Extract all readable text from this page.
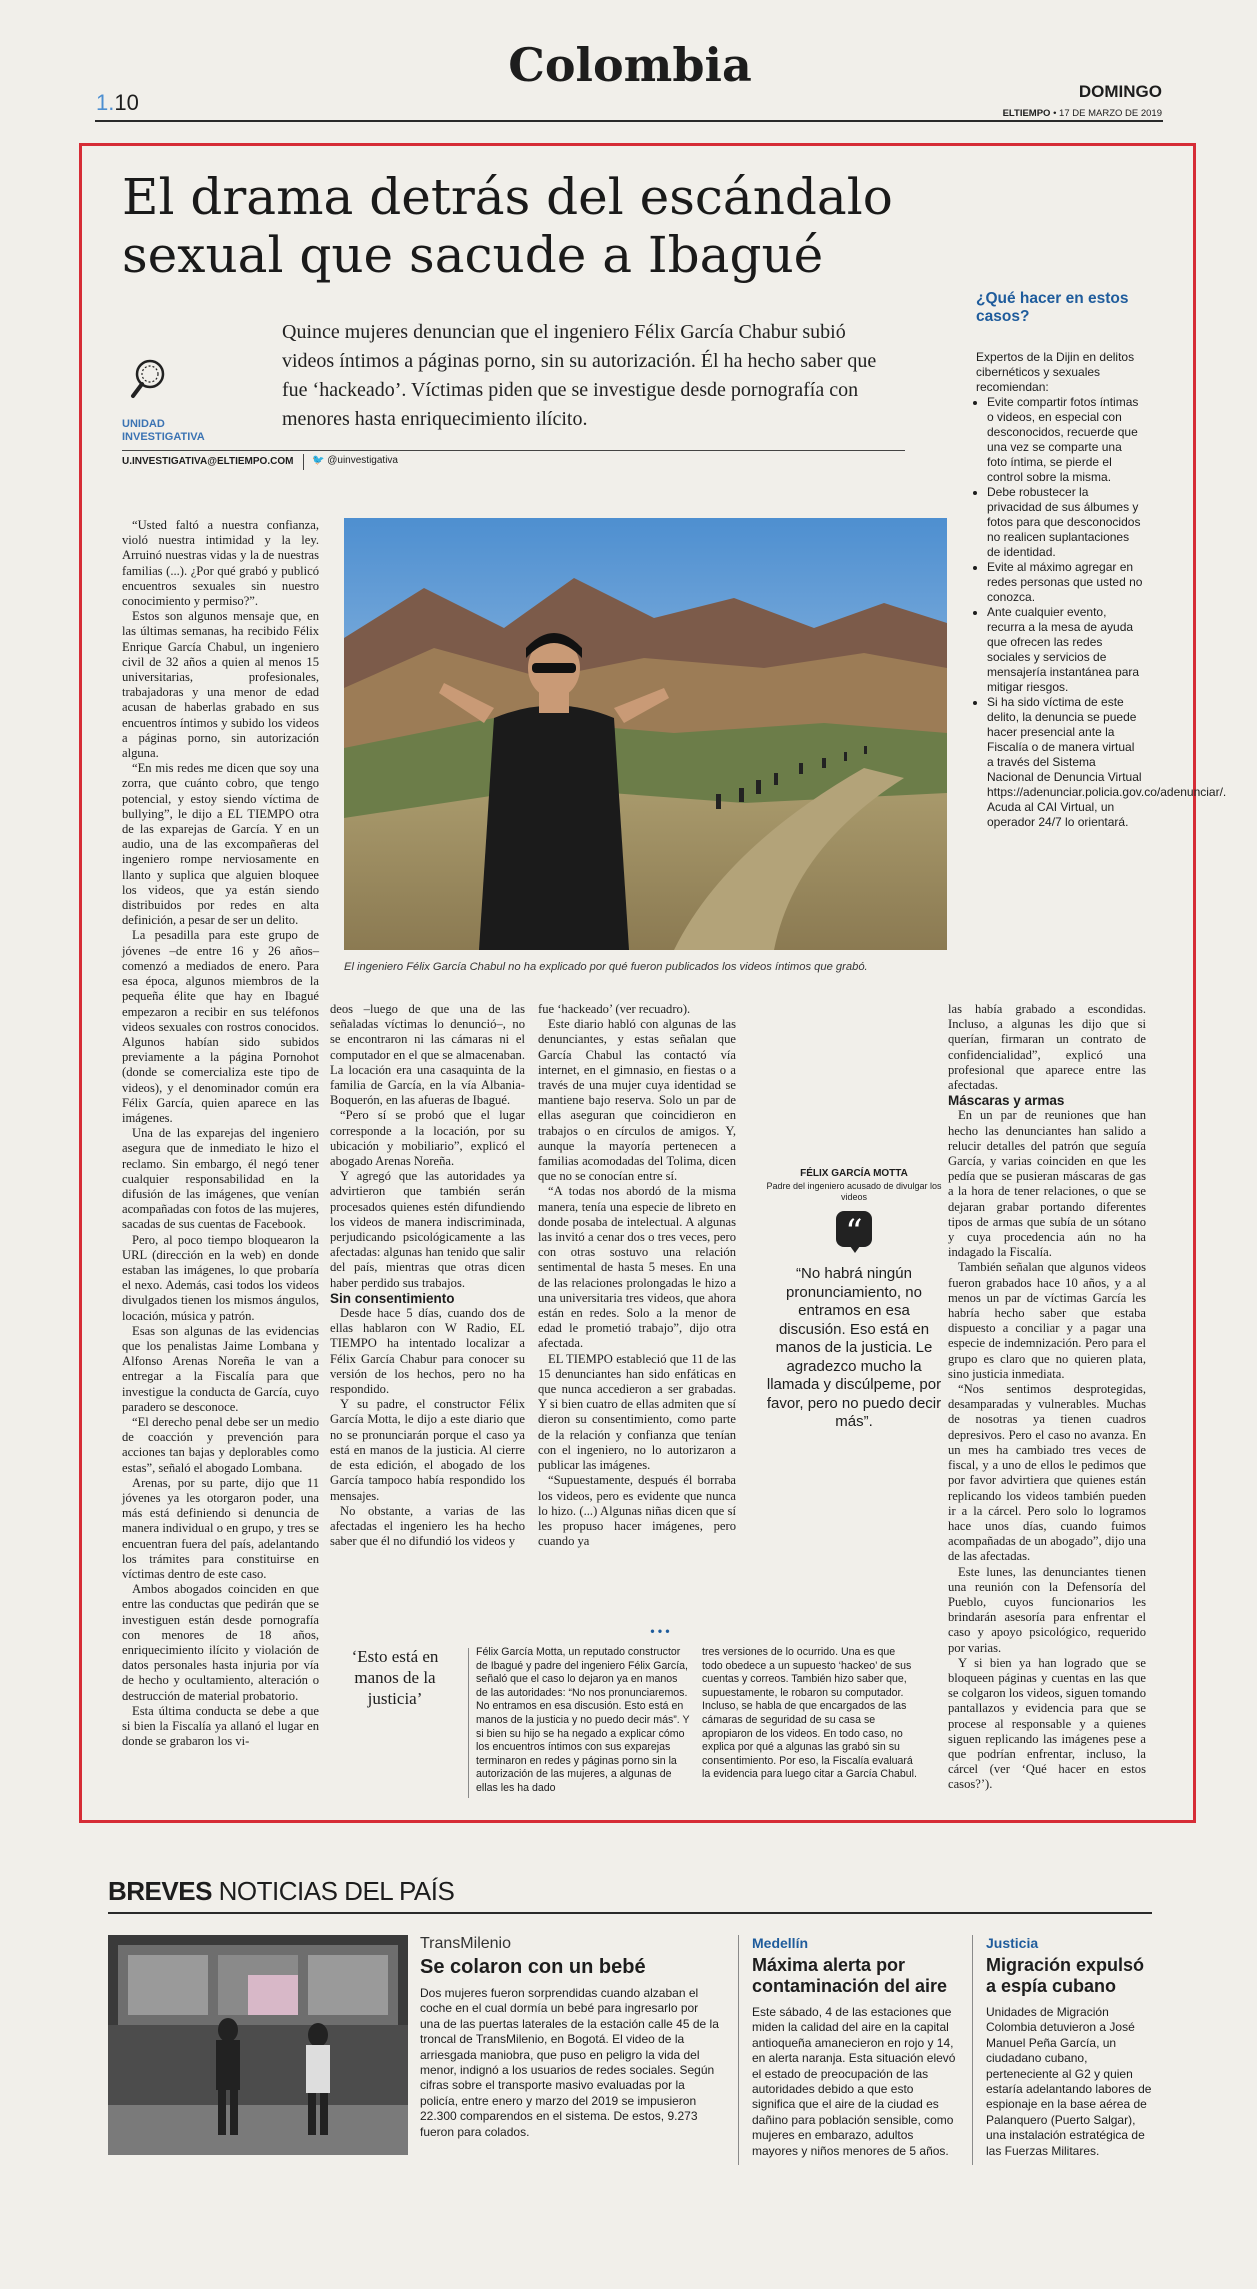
Colombia
1.10	DOMINGO
ELTIEMPO • 17 DE MARZO DE 2019
El drama detrás del escándalo
sexual que sacude a Ibagué
UNIDAD INVESTIGATIVA
Quince mujeres denuncian que el ingeniero Félix García Chabur subió videos íntimos a páginas porno, sin su autorización. Él ha hecho saber que fue ‘hackeado’. Víctimas piden que se investigue desde pornografía con menores hasta enriquecimiento ilícito.
U.INVESTIGATIVA@ELTIEMPO.COM 🐦 @uinvestigativa
¿Qué hacer en estos casos?
Expertos de la Dijin en delitos cibernéticos y sexuales recomiendan:
• Evite compartir fotos íntimas o videos, en especial con desconocidos, recuerde que una vez se comparte una foto íntima, se pierde el control sobre la misma.
• Debe robustecer la privacidad de sus álbumes y fotos para que desconocidos no realicen suplantaciones de identidad.
• Evite al máximo agregar en redes personas que usted no conozca.
• Ante cualquier evento, recurra a la mesa de ayuda que ofrecen las redes sociales y servicios de mensajería instantánea para mitigar riesgos.
• Si ha sido víctima de este delito, la denuncia se puede hacer presencial ante la Fiscalía o de manera virtual a través del Sistema Nacional de Denuncia Virtual https://adenunciar.policia.gov.co/adenunciar/. Acuda al CAI Virtual, un operador 24/7 lo orientará.
El ingeniero Félix García Chabul no ha explicado por qué fueron publicados los videos íntimos que grabó.

“Usted faltó a nuestra confianza, violó nuestra intimidad y la ley. Arruinó nuestras vidas y la de nuestras familias (...). ¿Por qué grabó y publicó encuentros sexuales sin nuestro conocimiento y permiso?”.

Estos son algunos mensaje que, en las últimas semanas, ha recibido Félix Enrique García Chabul, un ingeniero civil de 32 años a quien al menos 15 universitarias, profesionales, trabajadoras y una menor de edad acusan de haberlas grabado en sus encuentros íntimos y subido los videos a páginas porno, sin autorización alguna.

“En mis redes me dicen que soy una zorra, que cuánto cobro, que tengo potencial, y estoy siendo víctima de bullying”, le dijo a EL TIEMPO otra de las exparejas de García. Y en un audio, una de las excompañeras del ingeniero rompe nerviosamente en llanto y suplica que alguien bloquee los videos, que ya están siendo distribuidos por redes en alta definición, a pesar de ser un delito.

La pesadilla para este grupo de jóvenes –de entre 16 y 26 años– comenzó a mediados de enero. Para esa época, algunos miembros de la pequeña élite que hay en Ibagué empezaron a recibir en sus teléfonos videos sexuales con rostros conocidos. Algunos habían sido subidos previamente a la página Pornohot (donde se comercializa este tipo de videos), y el denominador común era Félix García, quien aparece en las imágenes.

Una de las exparejas del ingeniero asegura que de inmediato le hizo el reclamo. Sin embargo, él negó tener cualquier responsabilidad en la difusión de las imágenes, que venían acompañadas con fotos de las mujeres, sacadas de sus cuentas de Facebook.

Pero, al poco tiempo bloquearon la URL (dirección en la web) en donde estaban las imágenes, lo que probaría el nexo. Además, casi todos los videos divulgados tienen los mismos ángulos, locación, música y patrón.

Esas son algunas de las evidencias que los penalistas Jaime Lombana y Alfonso Arenas Noreña le van a entregar a la Fiscalía para que investigue la conducta de García, cuyo paradero se desconoce.

“El derecho penal debe ser un medio de coacción y prevención para acciones tan bajas y deplorables como estas”, señaló el abogado Lombana.

Arenas, por su parte, dijo que 11 jóvenes ya les otorgaron poder, una más está definiendo si denuncia de manera individual o en grupo, y tres se encuentran fuera del país, adelantando los trámites para constituirse en víctimas dentro de este caso.

Ambos abogados coinciden en que entre las conductas que pedirán que se investiguen están desde pornografía con menores de 18 años, enriquecimiento ilícito y violación de datos personales hasta injuria por vía de hecho y ocultamiento, alteración o destrucción de material probatorio.

Esta última conducta se debe a que si bien la Fiscalía ya allanó el lugar en donde se grabaron los vi-

deos –luego de que una de las señaladas víctimas lo denunció–, no se encontraron ni las cámaras ni el computador en el que se almacenaban. La locación era una casaquinta de la familia de García, en la vía Albania-Boquerón, en las afueras de Ibagué.

“Pero sí se probó que el lugar corresponde a la locación, por su ubicación y mobiliario”, explicó el abogado Arenas Noreña.

Y agregó que las autoridades ya advirtieron que también serán procesados quienes estén difundiendo los videos de manera indiscriminada, perjudicando psicológicamente a las afectadas: algunas han tenido que salir del país, mientras que otras dicen haber perdido sus trabajos.

Sin consentimiento

Desde hace 5 días, cuando dos de ellas hablaron con W Radio, EL TIEMPO ha intentado localizar a Félix García Chabur para conocer su versión de los hechos, pero no ha respondido.

Y su padre, el constructor Félix García Motta, le dijo a este diario que no se pronunciarán porque el caso ya está en manos de la justicia. Al cierre de esta edición, el abogado de los García tampoco había respondido los mensajes.

No obstante, a varias de las afectadas el ingeniero les ha hecho saber que él no difundió los videos y

fue ‘hackeado’ (ver recuadro).

Este diario habló con algunas de las denunciantes, y estas señalan que García Chabul las contactó vía internet, en el gimnasio, en fiestas o a través de una mujer cuya identidad se mantiene bajo reserva. Solo un par de ellas aseguran que coincidieron en trabajos o en círculos de amigos. Y, aunque la mayoría pertenecen a familias acomodadas del Tolima, dicen que no se conocían entre sí.

“A todas nos abordó de la misma manera, tenía una especie de libreto en donde posaba de intelectual. A algunas las invitó a cenar dos o tres veces, pero con otras sostuvo una relación sentimental de hasta 5 meses. En una de las relaciones prolongadas le hizo a una universitaria tres videos, que ahora están en redes. Solo a la menor de edad le prometió trabajo”, dijo otra afectada.

EL TIEMPO estableció que 11 de las 15 denunciantes han sido enfáticas en que nunca accedieron a ser grabadas. Y si bien cuatro de ellas admiten que sí dieron su consentimiento, como parte de la relación y confianza que tenían con el ingeniero, no lo autorizaron a publicar las imágenes.

“Supuestamente, después él borraba los videos, pero es evidente que nunca lo hizo. (...) Algunas niñas dicen que sí les propuso hacer imágenes, pero cuando ya

FÉLIX GARCÍA MOTTA
Padre del ingeniero acusado de divulgar los videos
“
“No habrá ningún pronunciamiento, no entramos en esa discusión. Eso está en manos de la justicia. Le agradezco mucho la llamada y discúlpeme, por favor, pero no puedo decir más”.

las había grabado a escondidas. Incluso, a algunas les dijo que si querían, firmaran un contrato de confidencialidad”, explicó una profesional que aparece entre las afectadas.

Máscaras y armas

En un par de reuniones que han hecho las denunciantes han salido a relucir detalles del patrón que seguía García, y varias coinciden en que les pedía que se pusieran máscaras de gas a la hora de tener relaciones, o que se dejaran grabar portando diferentes tipos de armas que subía de un sótano y cuya procedencia aún no ha indagado la Fiscalía.

También señalan que algunos videos fueron grabados hace 10 años, y a al menos un par de víctimas García les habría hecho saber que estaba dispuesto a conciliar y a pagar una especie de indemnización. Pero para el grupo es claro que no quieren plata, sino justicia inmediata.

“Nos sentimos desprotegidas, desamparadas y vulnerables. Muchas de nosotras ya tienen cuadros depresivos. Pero el caso no avanza. En un mes ha cambiado tres veces de fiscal, y a uno de ellos le pedimos que por favor advirtiera que quienes están replicando los videos también pueden ir a la cárcel. Pero solo lo logramos hace unos días, cuando fuimos acompañadas de un abogado”, dijo una de las afectadas.

Este lunes, las denunciantes tienen una reunión con la Defensoría del Pueblo, cuyos funcionarios les brindarán asesoría para enfrentar el caso y apoyo psicológico, requerido por varias.

Y si bien ya han logrado que se bloqueen páginas y cuentas en las que se colgaron los videos, siguen tomando pantallazos y evidencia para que se procese al responsable y a quienes siguen replicando las imágenes pese a que podrían enfrentar, incluso, la cárcel (ver ‘Qué hacer en estos casos?’).

• • •
‘Esto está en manos de la justicia’
Félix García Motta, un reputado constructor de Ibagué y padre del ingeniero Félix García, señaló que el caso lo dejaron ya en manos de las autoridades: “No nos pronunciaremos. No entramos en esa discusión. Esto está en manos de la justicia y no puedo decir más”. Y si bien su hijo se ha negado a explicar cómo los encuentros íntimos con sus exparejas terminaron en redes y páginas porno sin la autorización de las mujeres, a algunas de ellas les ha dado
tres versiones de lo ocurrido. Una es que todo obedece a un supuesto ‘hackeo’ de sus cuentas y correos. También hizo saber que, supuestamente, le robaron su computador. Incluso, se habla de que encargados de las cámaras de seguridad de su casa se apropiaron de los videos. En todo caso, no explica por qué a algunas las grabó sin su consentimiento. Por eso, la Fiscalía evaluará la evidencia para luego citar a García Chabul.
BREVES NOTICIAS DEL PAÍS
TransMilenio
Se colaron con un bebé
Dos mujeres fueron sorprendidas cuando alzaban el coche en el cual dormía un bebé para ingresarlo por una de las puertas laterales de la estación calle 45 de la troncal de TransMilenio, en Bogotá. El video de la arriesgada maniobra, que puso en peligro la vida del menor, indignó a los usuarios de redes sociales. Según cifras sobre el transporte masivo evaluadas por la policía, entre enero y marzo del 2019 se impusieron 22.300 comparendos en el sistema. De estos, 9.273 fueron para colados.
Medellín
Máxima alerta por contaminación del aire
Este sábado, 4 de las estaciones que miden la calidad del aire en la capital antioqueña amanecieron en rojo y 14, en alerta naranja. Esta situación elevó el estado de preocupación de las autoridades debido a que esto significa que el aire de la ciudad es dañino para población sensible, como mujeres en embarazo, adultos mayores y niños menores de 5 años.
Justicia
Migración expulsó a espía cubano
Unidades de Migración Colombia detuvieron a José Manuel Peña García, un ciudadano cubano, perteneciente al G2 y quien estaría adelantando labores de espionaje en la base aérea de Palanquero (Puerto Salgar), una instalación estratégica de las Fuerzas Militares.
